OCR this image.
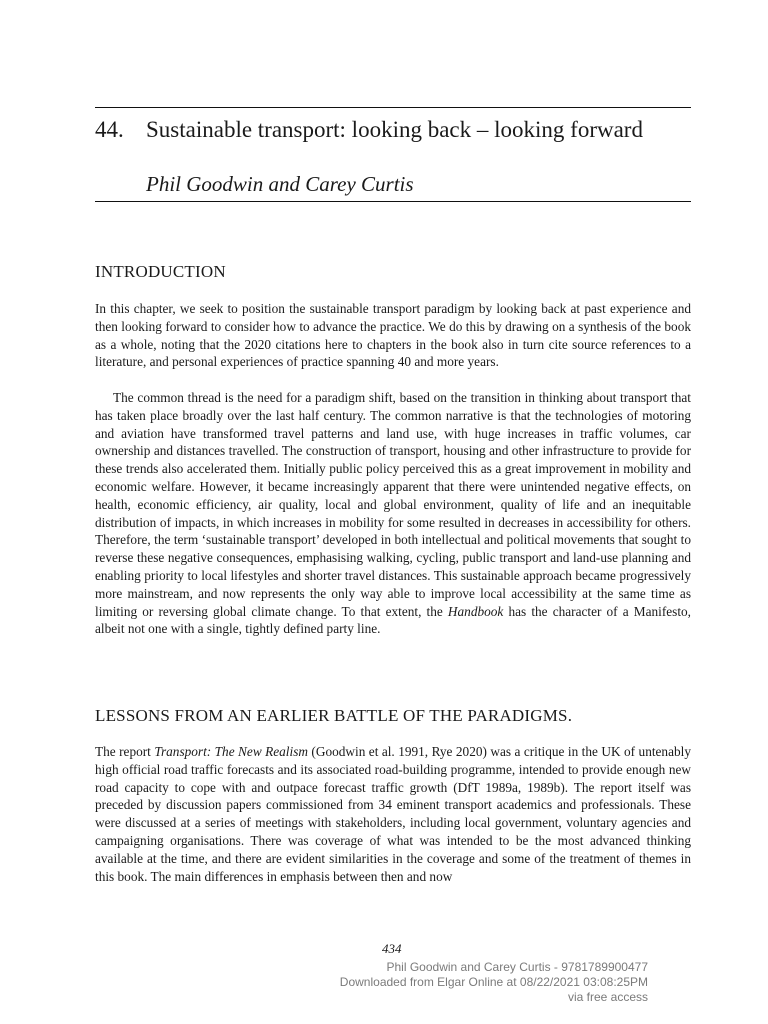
44. Sustainable transport: looking back – looking forward
Phil Goodwin and Carey Curtis
INTRODUCTION

In this chapter, we seek to position the sustainable transport paradigm by looking back at past experience and then looking forward to consider how to advance the practice. We do this by drawing on a synthesis of the book as a whole, noting that the 2020 citations here to chapters in the book also in turn cite source references to a literature, and personal experiences of practice spanning 40 and more years.

The common thread is the need for a paradigm shift, based on the transition in thinking about transport that has taken place broadly over the last half century. The common narrative is that the technologies of motoring and aviation have transformed travel patterns and land use, with huge increases in traffic volumes, car ownership and distances travelled. The construction of transport, housing and other infrastructure to provide for these trends also accelerated them. Initially public policy perceived this as a great improvement in mobility and economic welfare. However, it became increasingly apparent that there were unintended negative effects, on health, economic efficiency, air quality, local and global environment, quality of life and an inequitable distribution of impacts, in which increases in mobility for some resulted in decreases in accessibility for others. Therefore, the term ‘sustainable transport’ developed in both intellectual and political movements that sought to reverse these negative consequences, emphasising walking, cycling, public transport and land-use planning and enabling priority to local lifestyles and shorter travel distances. This sustainable approach became progressively more mainstream, and now represents the only way able to improve local accessibility at the same time as limiting or reversing global climate change. To that extent, the Handbook has the character of a Manifesto, albeit not one with a single, tightly defined party line.

LESSONS FROM AN EARLIER BATTLE OF THE PARADIGMS.

The report Transport: The New Realism (Goodwin et al. 1991, Rye 2020) was a critique in the UK of untenably high official road traffic forecasts and its associated road-building programme, intended to provide enough new road capacity to cope with and outpace forecast traffic growth (DfT 1989a, 1989b). The report itself was preceded by discussion papers commissioned from 34 eminent transport academics and professionals. These were discussed at a series of meetings with stakeholders, including local government, voluntary agencies and campaigning organisations. There was coverage of what was intended to be the most advanced thinking available at the time, and there are evident similarities in the coverage and some of the treatment of themes in this book. The main differences in emphasis between then and now

434
Phil Goodwin and Carey Curtis - 9781789900477
Downloaded from Elgar Online at 08/22/2021 03:08:25PM
via free access
